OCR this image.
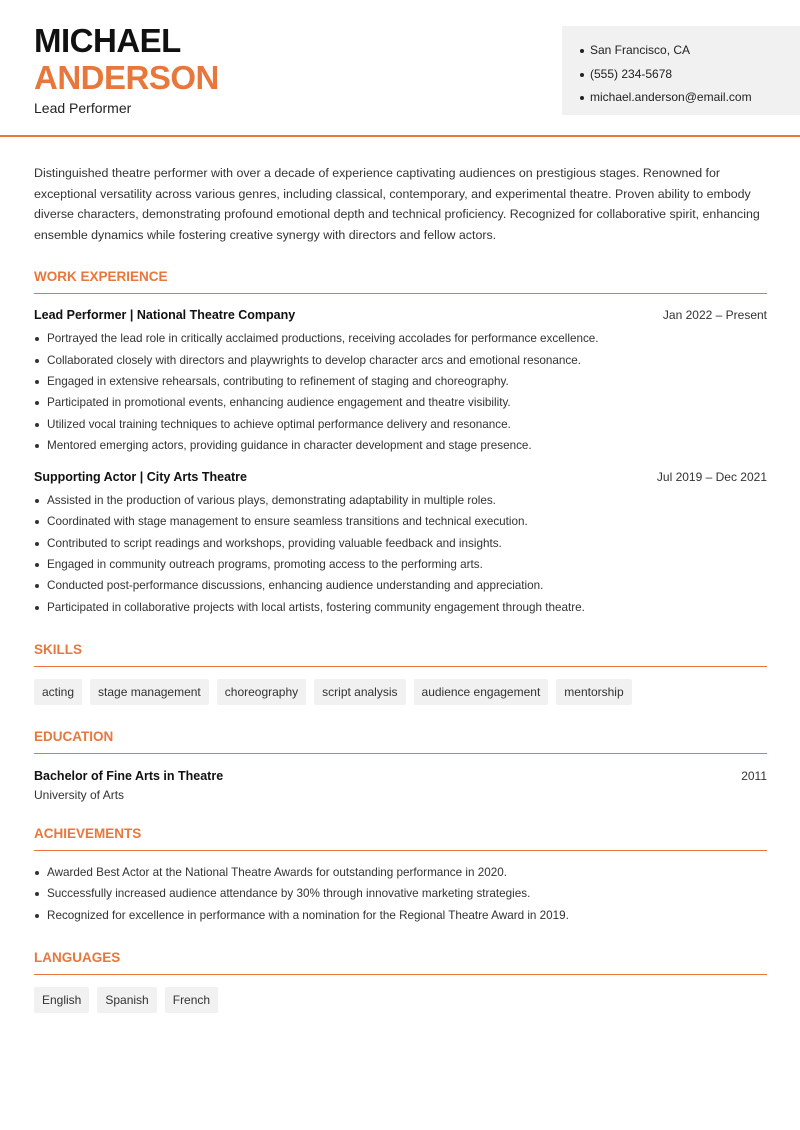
MICHAEL
ANDERSON
Lead Performer
San Francisco, CA
(555) 234-5678
michael.anderson@email.com

Distinguished theatre performer with over a decade of experience captivating audiences on prestigious stages. Renowned for exceptional versatility across various genres, including classical, contemporary, and experimental theatre. Proven ability to embody diverse characters, demonstrating profound emotional depth and technical proficiency. Recognized for collaborative spirit, enhancing ensemble dynamics while fostering creative synergy with directors and fellow actors.

WORK EXPERIENCE
Lead Performer | National Theatre Company	Jan 2022 – Present
Portrayed the lead role in critically acclaimed productions, receiving accolades for performance excellence.
Collaborated closely with directors and playwrights to develop character arcs and emotional resonance.
Engaged in extensive rehearsals, contributing to refinement of staging and choreography.
Participated in promotional events, enhancing audience engagement and theatre visibility.
Utilized vocal training techniques to achieve optimal performance delivery and resonance.
Mentored emerging actors, providing guidance in character development and stage presence.
Supporting Actor | City Arts Theatre	Jul 2019 – Dec 2021
Assisted in the production of various plays, demonstrating adaptability in multiple roles.
Coordinated with stage management to ensure seamless transitions and technical execution.
Contributed to script readings and workshops, providing valuable feedback and insights.
Engaged in community outreach programs, promoting access to the performing arts.
Conducted post-performance discussions, enhancing audience understanding and appreciation.
Participated in collaborative projects with local artists, fostering community engagement through theatre.
SKILLS
acting	stage management	choreography	script analysis	audience engagement	mentorship
EDUCATION
Bachelor of Fine Arts in Theatre	2011
University of Arts
ACHIEVEMENTS
Awarded Best Actor at the National Theatre Awards for outstanding performance in 2020.
Successfully increased audience attendance by 30% through innovative marketing strategies.
Recognized for excellence in performance with a nomination for the Regional Theatre Award in 2019.
LANGUAGES
English	Spanish	French
